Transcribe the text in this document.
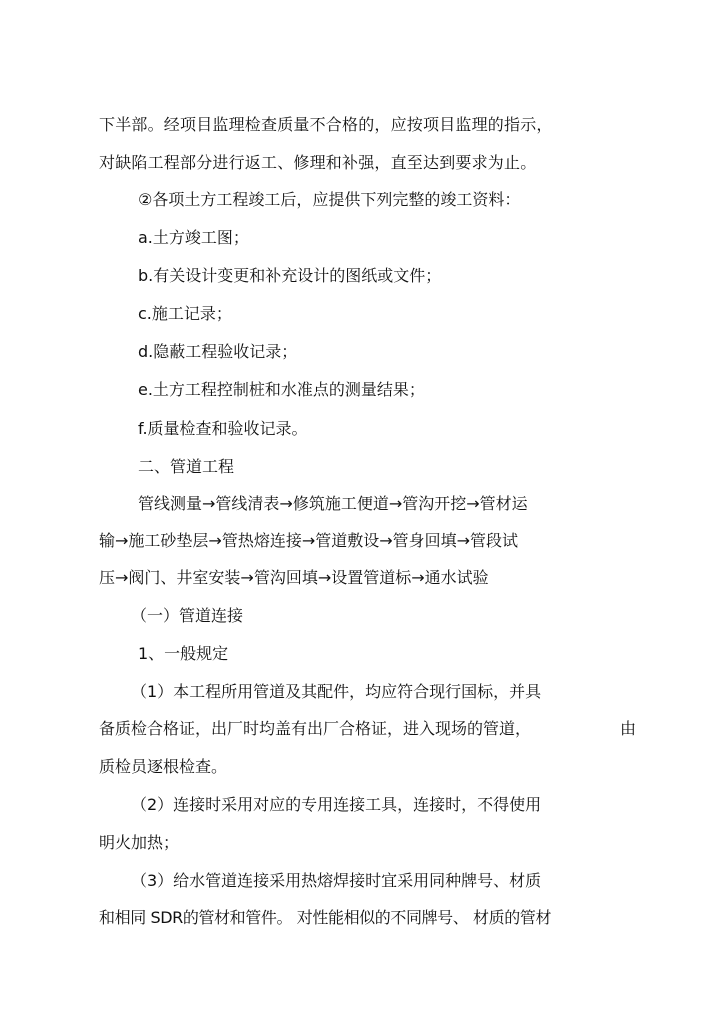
下半部。经项目监理检查质量不合格的，应按项目监理的指示，

对缺陷工程部分进行返工、修理和补强，直至达到要求为止。

②各项土方工程竣工后，应提供下列完整的竣工资料：

a.土方竣工图；

b.有关设计变更和补充设计的图纸或文件；

c.施工记录；

d.隐蔽工程验收记录；

e.土方工程控制桩和水准点的测量结果；

f.质量检查和验收记录。

二、管道工程

管线测量→管线清表→修筑施工便道→管沟开挖→管材运

输→施工砂垫层→管热熔连接→管道敷设→管身回填→管段试

压→阀门、井室安装→管沟回填→设置管道标→通水试验

（一）管道连接

1、一般规定

（1）本工程所用管道及其配件，均应符合现行国标，并具

备质检合格证，出厂时均盖有出厂合格证，进入现场的管道，	由

质检员逐根检查。

（2）连接时采用对应的专用连接工具，连接时，不得使用

明火加热；

（3）给水管道连接采用热熔焊接时宜采用同种牌号、材质

和相同 SDR的管材和管件。 对性能相似的不同牌号、 材质的管材
